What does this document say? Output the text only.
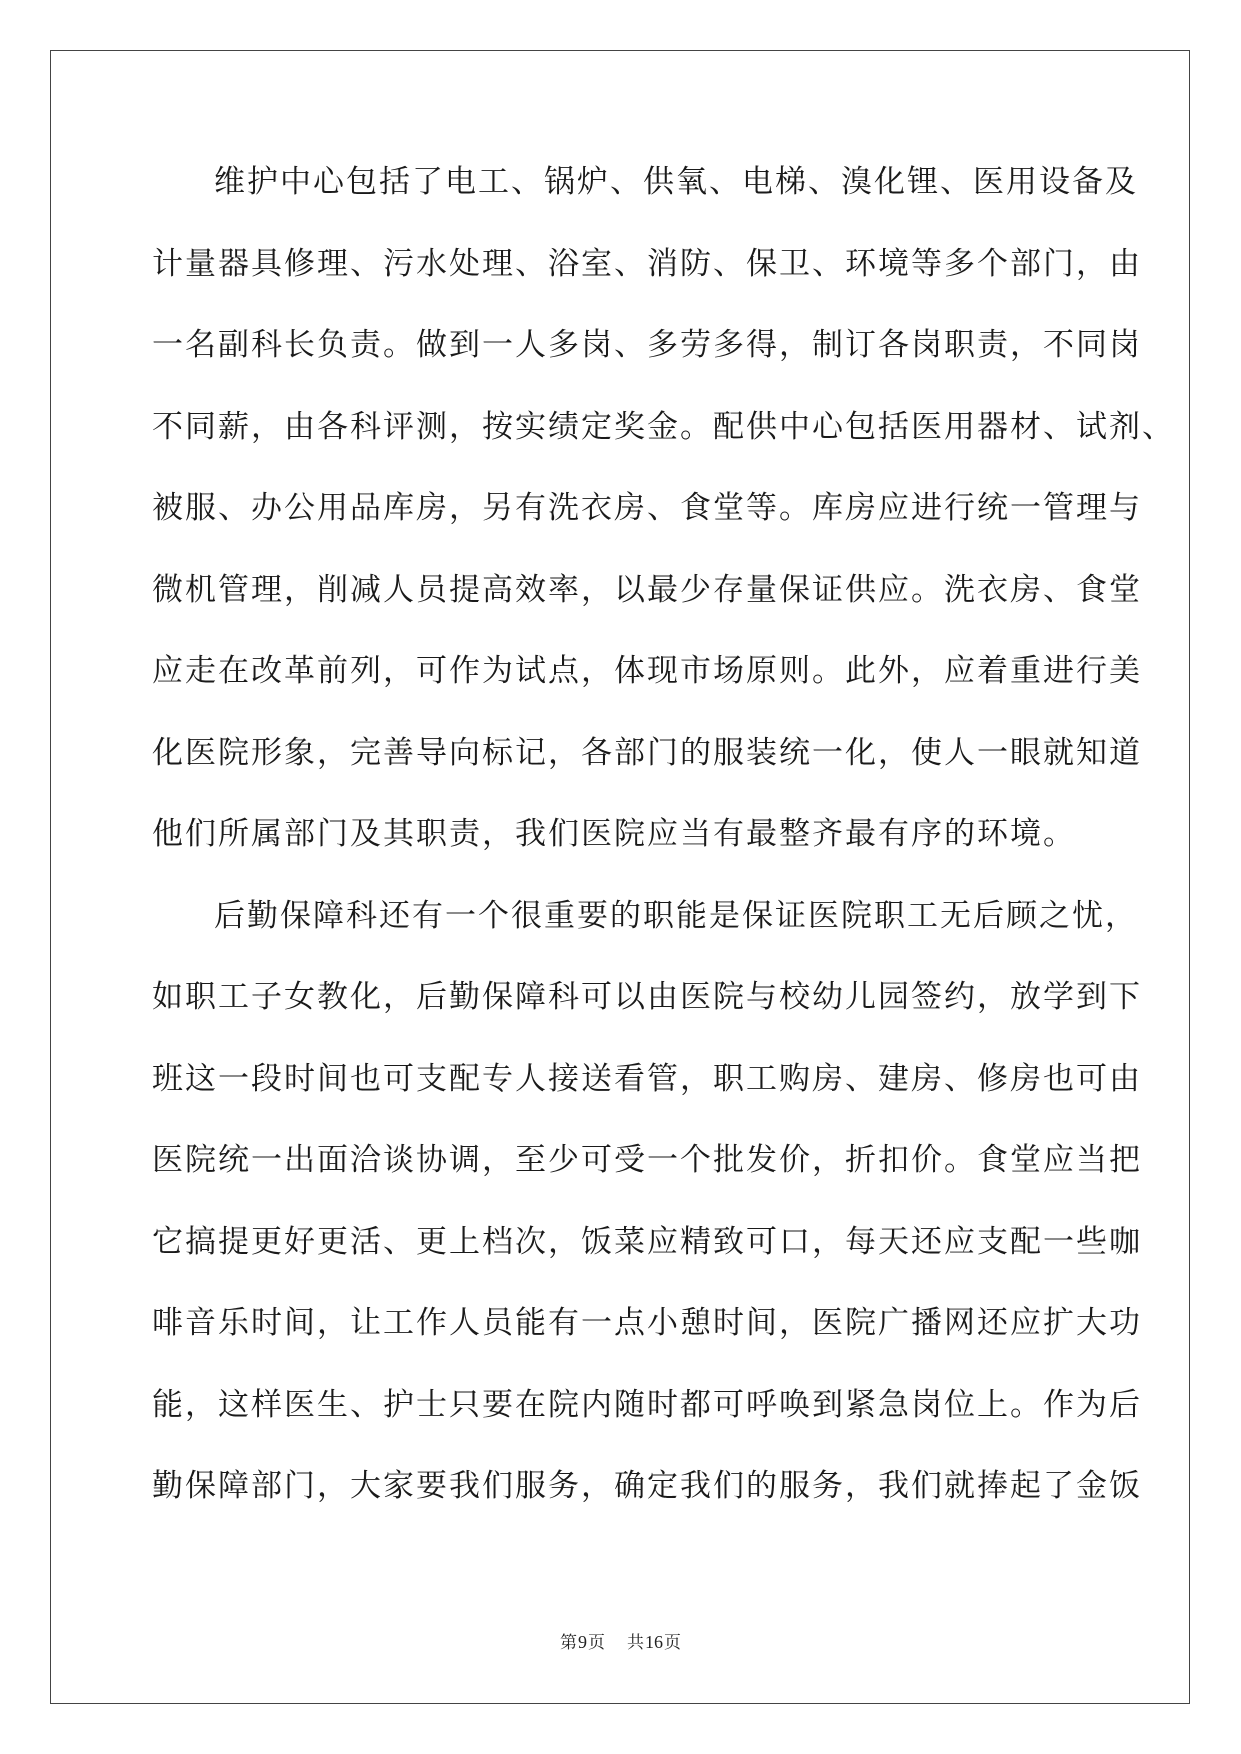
维护中心包括了电工、锅炉、供氧、电梯、溴化锂、医用设备及
计量器具修理、污水处理、浴室、消防、保卫、环境等多个部门，由
一名副科长负责。做到一人多岗、多劳多得，制订各岗职责，不同岗
不同薪，由各科评测，按实绩定奖金。配供中心包括医用器材、试剂、
被服、办公用品库房，另有洗衣房、食堂等。库房应进行统一管理与
微机管理，削减人员提高效率，以最少存量保证供应。洗衣房、食堂
应走在改革前列，可作为试点，体现市场原则。此外，应着重进行美
化医院形象，完善导向标记，各部门的服装统一化，使人一眼就知道
他们所属部门及其职责，我们医院应当有最整齐最有序的环境。
后勤保障科还有一个很重要的职能是保证医院职工无后顾之忧，
如职工子女教化，后勤保障科可以由医院与校幼儿园签约，放学到下
班这一段时间也可支配专人接送看管，职工购房、建房、修房也可由
医院统一出面洽谈协调，至少可受一个批发价，折扣价。食堂应当把
它搞提更好更活、更上档次，饭菜应精致可口，每天还应支配一些咖
啡音乐时间，让工作人员能有一点小憩时间，医院广播网还应扩大功
能，这样医生、护士只要在院内随时都可呼唤到紧急岗位上。作为后
勤保障部门，大家要我们服务，确定我们的服务，我们就捧起了金饭
第9页 共16页
